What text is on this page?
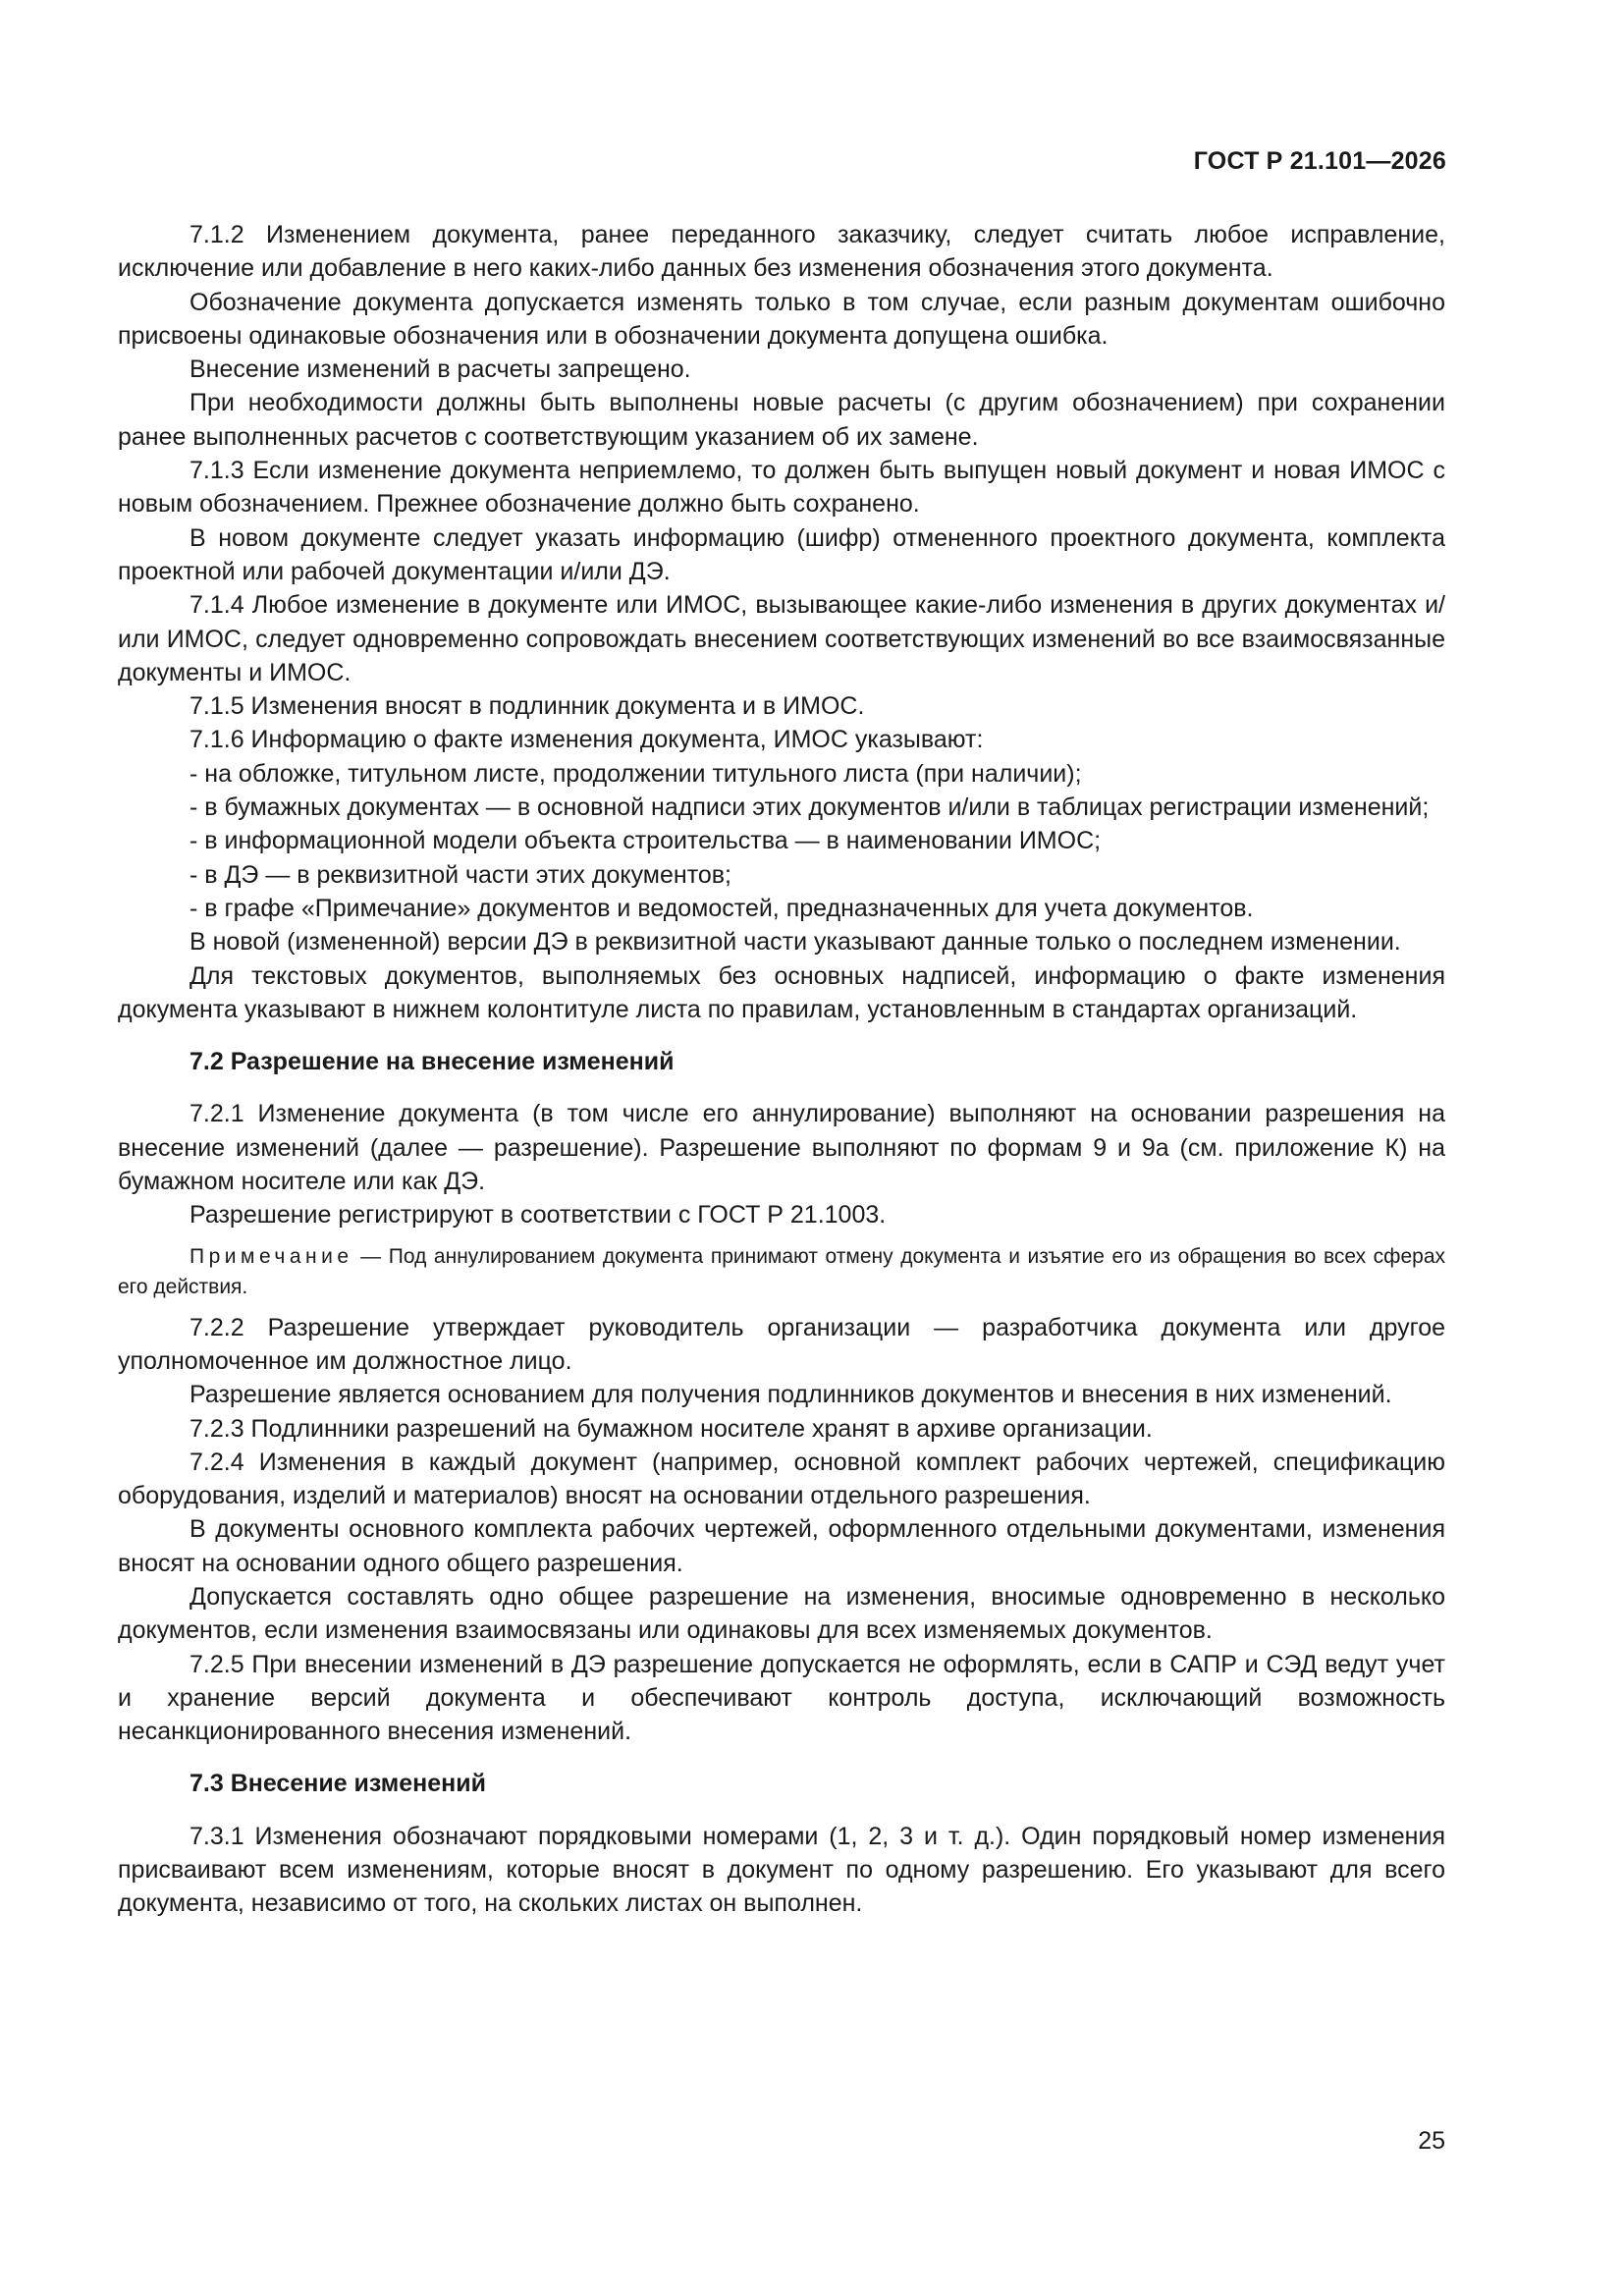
ГОСТ Р 21.101—2026

7.1.2 Изменением документа, ранее переданного заказчику, следует считать любое исправление, исключение или добавление в него каких-либо данных без изменения обозначения этого документа.

Обозначение документа допускается изменять только в том случае, если разным документам ошибочно присвоены одинаковые обозначения или в обозначении документа допущена ошибка.

Внесение изменений в расчеты запрещено.

При необходимости должны быть выполнены новые расчеты (с другим обозначением) при сохранении ранее выполненных расчетов с соответствующим указанием об их замене.

7.1.3 Если изменение документа неприемлемо, то должен быть выпущен новый документ и новая ИМОС с новым обозначением. Прежнее обозначение должно быть сохранено.

В новом документе следует указать информацию (шифр) отмененного проектного документа, комплекта проектной или рабочей документации и/или ДЭ.

7.1.4 Любое изменение в документе или ИМОС, вызывающее какие-либо изменения в других документах и/или ИМОС, следует одновременно сопровождать внесением соответствующих изменений во все взаимосвязанные документы и ИМОС.

7.1.5 Изменения вносят в подлинник документа и в ИМОС.

7.1.6 Информацию о факте изменения документа, ИМОС указывают:

- на обложке, титульном листе, продолжении титульного листа (при наличии);

- в бумажных документах — в основной надписи этих документов и/или в таблицах регистрации изменений;

- в информационной модели объекта строительства — в наименовании ИМОС;

- в ДЭ — в реквизитной части этих документов;

- в графе «Примечание» документов и ведомостей, предназначенных для учета документов.

В новой (измененной) версии ДЭ в реквизитной части указывают данные только о последнем изменении.

Для текстовых документов, выполняемых без основных надписей, информацию о факте изменения документа указывают в нижнем колонтитуле листа по правилам, установленным в стандартах организаций.

7.2 Разрешение на внесение изменений

7.2.1 Изменение документа (в том числе его аннулирование) выполняют на основании разрешения на внесение изменений (далее — разрешение). Разрешение выполняют по формам 9 и 9а (см. приложение К) на бумажном носителе или как ДЭ.

Разрешение регистрируют в соответствии с ГОСТ Р 21.1003.

Примечание — Под аннулированием документа принимают отмену документа и изъятие его из обращения во всех сферах его действия.

7.2.2 Разрешение утверждает руководитель организации — разработчика документа или другое уполномоченное им должностное лицо.

Разрешение является основанием для получения подлинников документов и внесения в них изменений.

7.2.3 Подлинники разрешений на бумажном носителе хранят в архиве организации.

7.2.4 Изменения в каждый документ (например, основной комплект рабочих чертежей, спецификацию оборудования, изделий и материалов) вносят на основании отдельного разрешения.

В документы основного комплекта рабочих чертежей, оформленного отдельными документами, изменения вносят на основании одного общего разрешения.

Допускается составлять одно общее разрешение на изменения, вносимые одновременно в несколько документов, если изменения взаимосвязаны или одинаковы для всех изменяемых документов.

7.2.5 При внесении изменений в ДЭ разрешение допускается не оформлять, если в САПР и СЭД ведут учет и хранение версий документа и обеспечивают контроль доступа, исключающий возможность несанкционированного внесения изменений.

7.3 Внесение изменений

7.3.1 Изменения обозначают порядковыми номерами (1, 2, 3 и т. д.). Один порядковый номер изменения присваивают всем изменениям, которые вносят в документ по одному разрешению. Его указывают для всего документа, независимо от того, на скольких листах он выполнен.

25
